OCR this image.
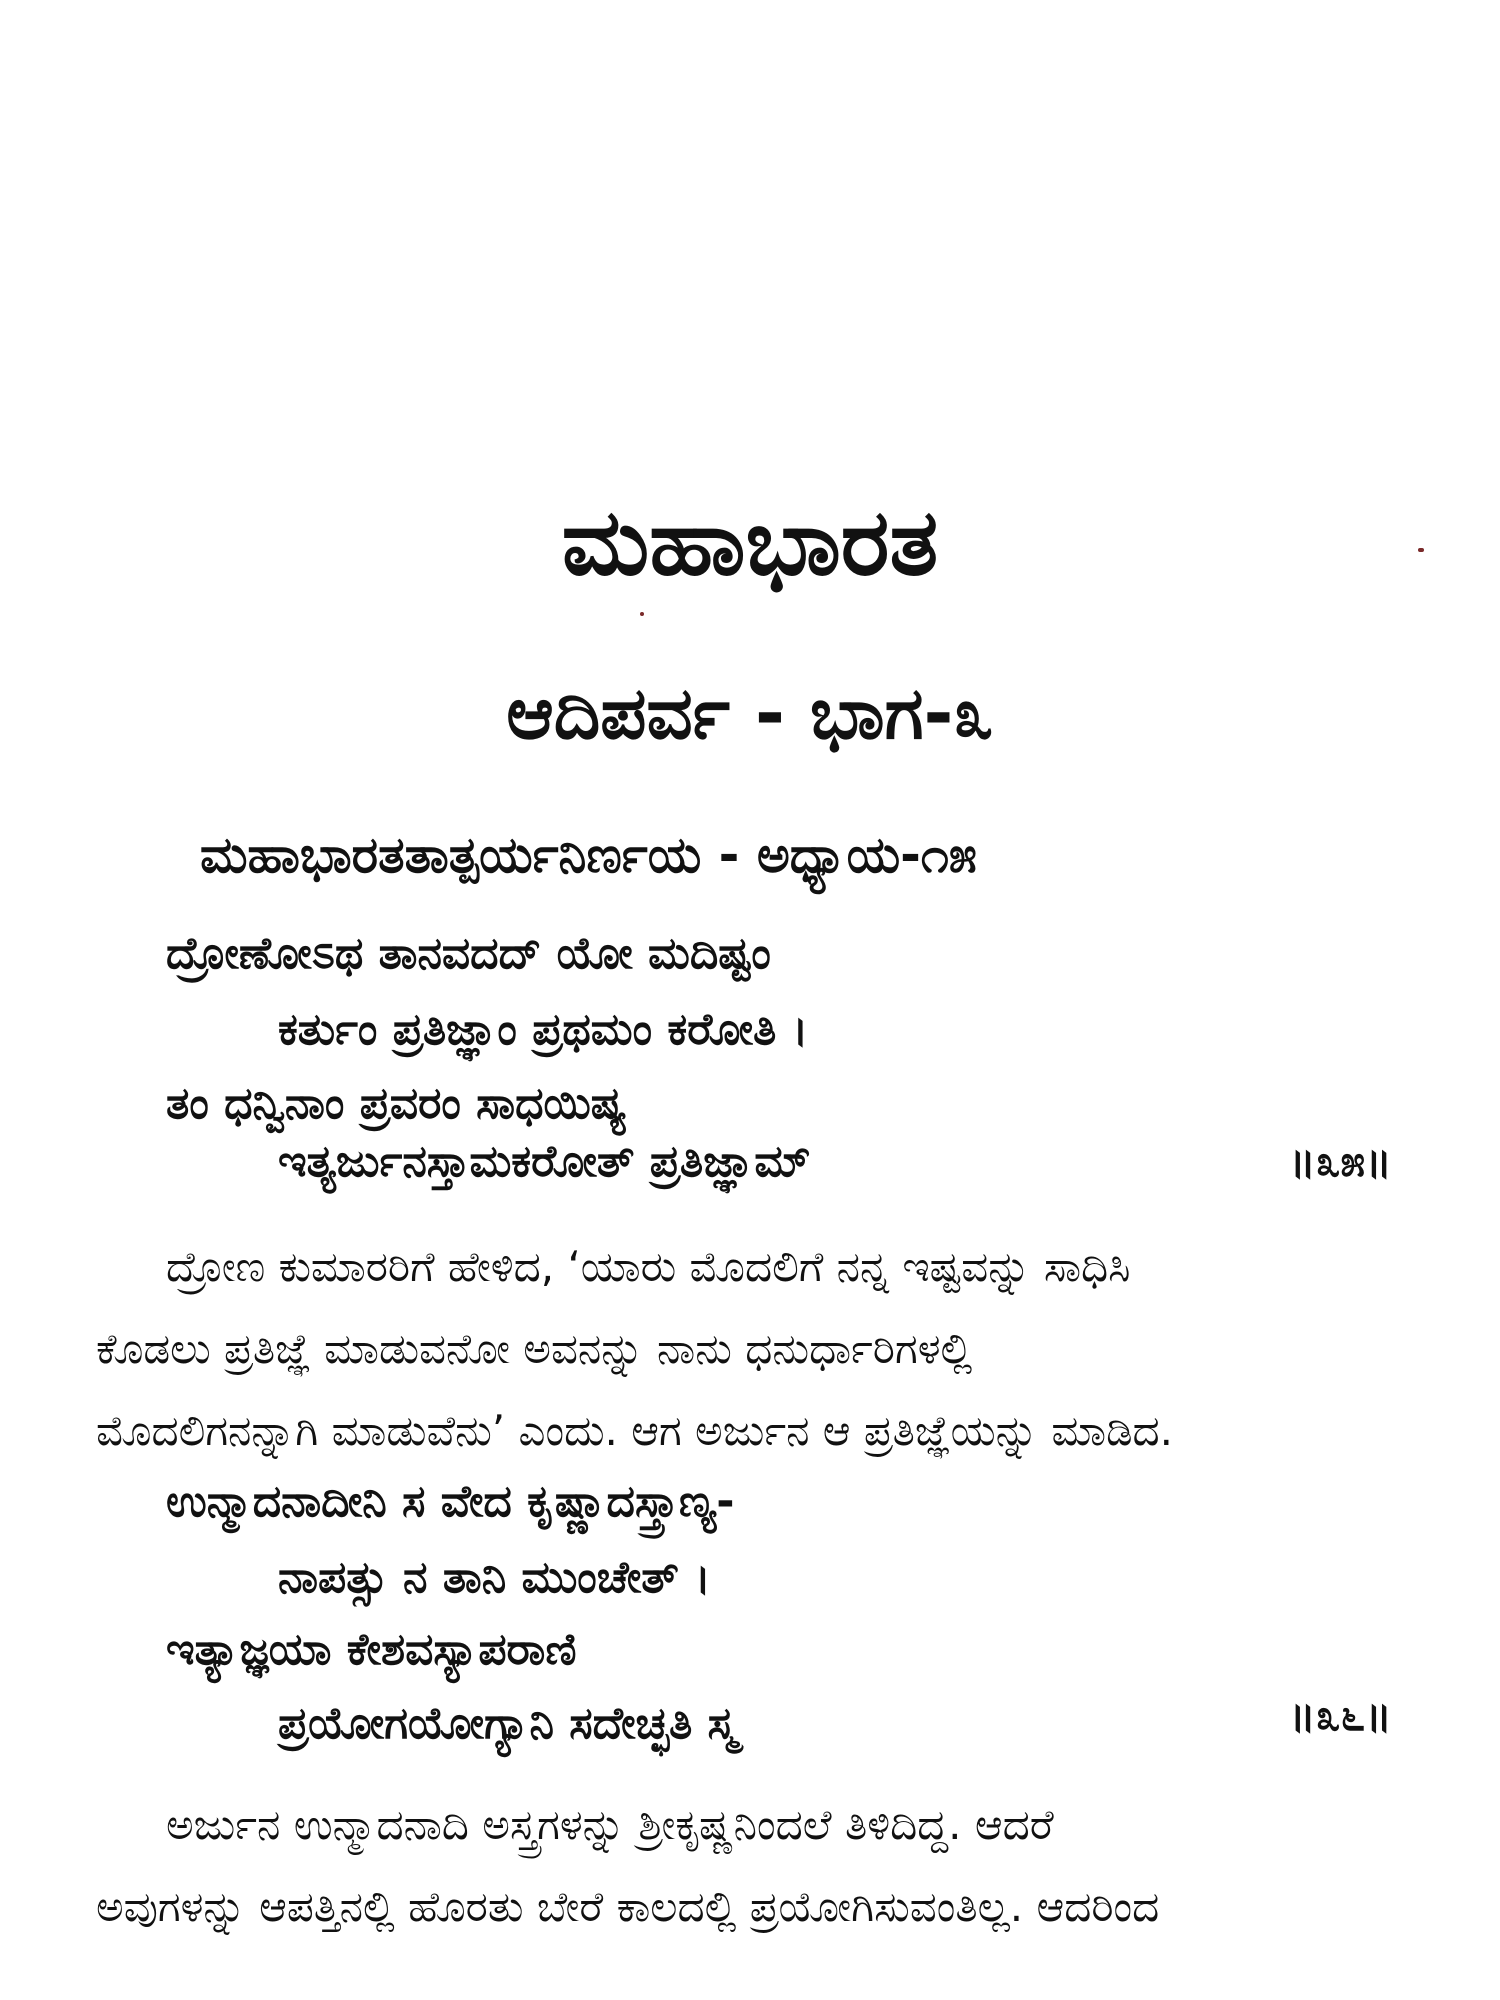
ಮಹಾಭಾರತ
ಆದಿಪರ್ವ - ಭಾಗ-೩
ಮಹಾಭಾರತತಾತ್ಪರ್ಯನಿರ್ಣಯ - ಅಧ್ಯಾಯ-೧೫
ದ್ರೋಣೋಽಥ ತಾನವದದ್ ಯೋ ಮದಿಷ್ಟಂ
ಕರ್ತುಂ ಪ್ರತಿಜ್ಞಾಂ ಪ್ರಥಮಂ ಕರೋತಿ ।
ತಂ ಧನ್ವಿನಾಂ ಪ್ರವರಂ ಸಾಧಯಿಷ್ಯ
ಇತ್ಯರ್ಜುನಸ್ತಾಮಕರೋತ್ ಪ್ರತಿಜ್ಞಾಮ್	॥೩೫॥
ದ್ರೋಣ ಕುಮಾರರಿಗೆ ಹೇಳಿದ, ‘ಯಾರು ಮೊದಲಿಗೆ ನನ್ನ ಇಷ್ಟವನ್ನು ಸಾಧಿಸಿ
ಕೊಡಲು ಪ್ರತಿಜ್ಞೆ ಮಾಡುವನೋ ಅವನನ್ನು ನಾನು ಧನುರ್ಧಾರಿಗಳಲ್ಲಿ
ಮೊದಲಿಗನನ್ನಾಗಿ ಮಾಡುವೆನು’ ಎಂದು. ಆಗ ಅರ್ಜುನ ಆ ಪ್ರತಿಜ್ಞೆಯನ್ನು ಮಾಡಿದ.
ಉನ್ಮಾದನಾದೀನಿ ಸ ವೇದ ಕೃಷ್ಣಾದಸ್ತ್ರಾಣ್ಯ-
ನಾಪತ್ಸು ನ ತಾನಿ ಮುಂಚೇತ್ ।
ಇತ್ಯಾಜ್ಞಯಾ ಕೇಶವಸ್ಯಾಪರಾಣಿ
ಪ್ರಯೋಗಯೋಗ್ಯಾನಿ ಸದೇಚ್ಛತಿ ಸ್ಮ	॥೩೬॥
ಅರ್ಜುನ ಉನ್ಮಾದನಾದಿ ಅಸ್ತ್ರಗಳನ್ನು ಶ್ರೀಕೃಷ್ಣನಿಂದಲೆ ತಿಳಿದಿದ್ದ. ಆದರೆ
ಅವುಗಳನ್ನು ಆಪತ್ತಿನಲ್ಲಿ ಹೊರತು ಬೇರೆ ಕಾಲದಲ್ಲಿ ಪ್ರಯೋಗಿಸುವಂತಿಲ್ಲ. ಆದರಿಂದ
